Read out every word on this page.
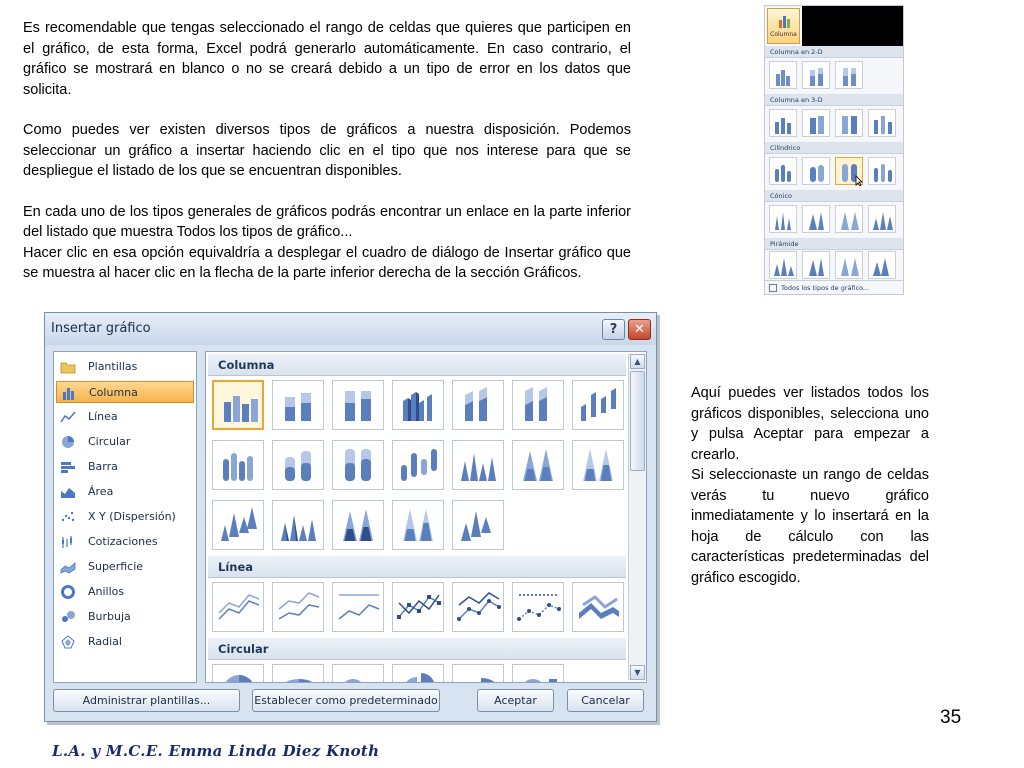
Es recomendable que tengas seleccionado el rango de celdas que quieres que participen en el gráfico, de esta forma, Excel podrá generarlo automáticamente. En caso contrario, el gráfico se mostrará en blanco o no se creará debido a un tipo de error en los datos que solicita.

Como puedes ver existen diversos tipos de gráficos a nuestra disposición. Podemos seleccionar un gráfico a insertar haciendo clic en el tipo que nos interese para que se despliegue el listado de los que se encuentran disponibles.

En cada uno de los tipos generales de gráficos podrás encontrar un enlace en la parte inferior del listado que muestra Todos los tipos de gráfico...

Hacer clic en esa opción equivaldría a desplegar el cuadro de diálogo de Insertar gráfico que se muestra al hacer clic en la flecha de la parte inferior derecha de la sección Gráficos.

Columna
Columna en 2-D
Columna en 3-D
Cilíndrico
Cónico
Pirámide
Todos los tipos de gráfico...
Insertar gráfico	?	✕
Plantillas
Columna
Línea
Circular
Barra
Área
X Y (Dispersión)
Cotizaciones
Superficie
Anillos
Burbuja
Radial
Columna
Línea
Circular
▲
▼
Administrar plantillas...	Establecer como predeterminado	Aceptar	Cancelar

Aquí puedes ver listados todos los gráficos disponibles, selecciona uno y pulsa Aceptar para empezar a crearlo.

Si seleccionaste un rango de celdas verás tu nuevo gráfico inmediatamente y lo insertará en la hoja de cálculo con las características predeterminadas del gráfico escogido.

35
L.A. y M.C.E. Emma Linda Diez Knoth
